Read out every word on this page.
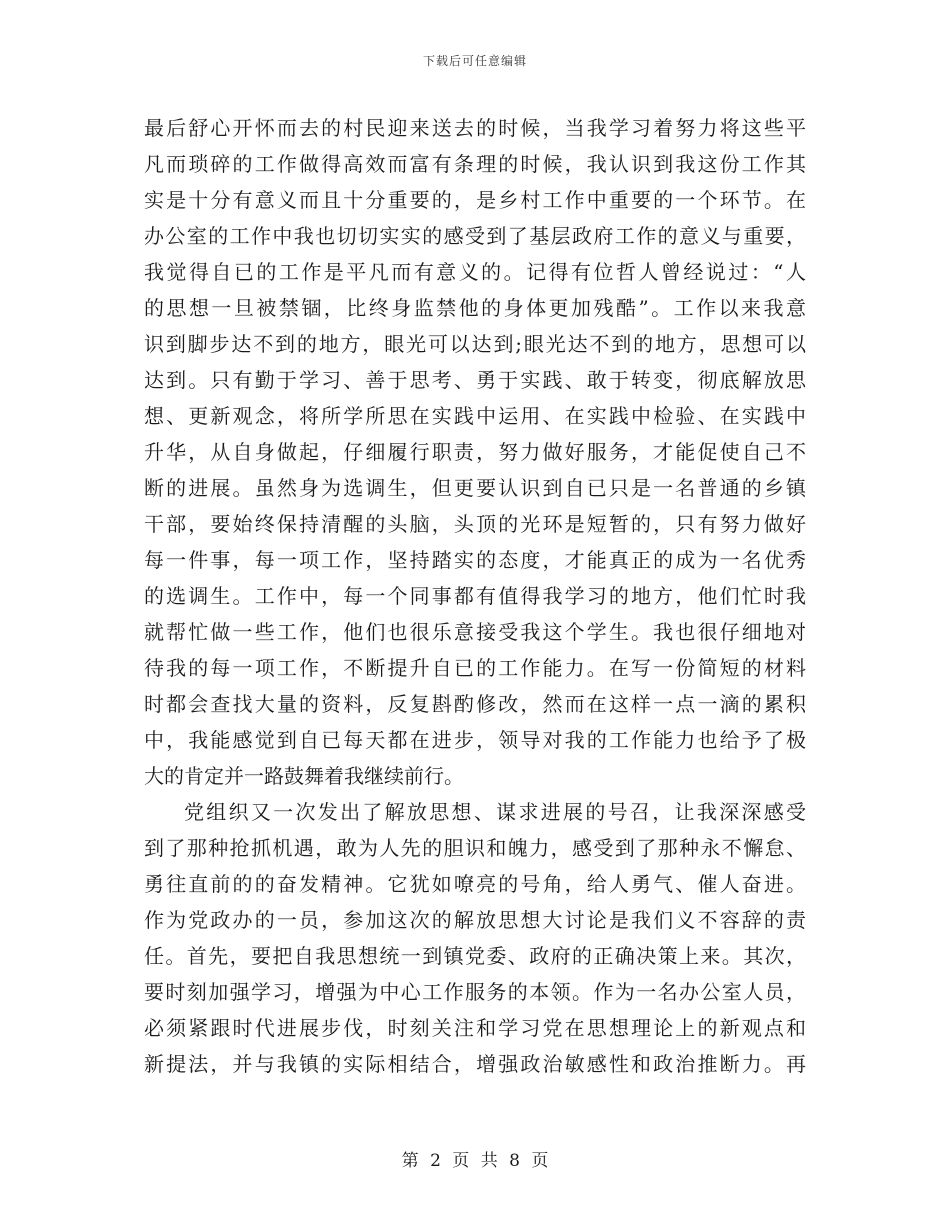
下载后可任意编辑
最后舒心开怀而去的村民迎来送去的时候，当我学习着努力将这些平
凡而琐碎的工作做得高效而富有条理的时候，我认识到我这份工作其
实是十分有意义而且十分重要的，是乡村工作中重要的一个环节。在
办公室的工作中我也切切实实的感受到了基层政府工作的意义与重要，
我觉得自已的工作是平凡而有意义的。记得有位哲人曾经说过：“人
的思想一旦被禁锢，比终身监禁他的身体更加残酷”。工作以来我意
识到脚步达不到的地方，眼光可以达到;眼光达不到的地方，思想可以
达到。只有勤于学习、善于思考、勇于实践、敢于转变，彻底解放思
想、更新观念，将所学所思在实践中运用、在实践中检验、在实践中
升华，从自身做起，仔细履行职责，努力做好服务，才能促使自己不
断的进展。虽然身为选调生，但更要认识到自已只是一名普通的乡镇
干部，要始终保持清醒的头脑，头顶的光环是短暂的，只有努力做好
每一件事，每一项工作，坚持踏实的态度，才能真正的成为一名优秀
的选调生。工作中，每一个同事都有值得我学习的地方，他们忙时我
就帮忙做一些工作，他们也很乐意接受我这个学生。我也很仔细地对
待我的每一项工作，不断提升自已的工作能力。在写一份简短的材料
时都会查找大量的资料，反复斟酌修改，然而在这样一点一滴的累积
中，我能感觉到自已每天都在进步，领导对我的工作能力也给予了极
大的肯定并一路鼓舞着我继续前行。
党组织又一次发出了解放思想、谋求进展的号召，让我深深感受
到了那种抢抓机遇，敢为人先的胆识和魄力，感受到了那种永不懈怠、
勇往直前的的奋发精神。它犹如嘹亮的号角，给人勇气、催人奋进。
作为党政办的一员，参加这次的解放思想大讨论是我们义不容辞的责
任。首先，要把自我思想统一到镇党委、政府的正确决策上来。其次，
要时刻加强学习，增强为中心工作服务的本领。作为一名办公室人员，
必须紧跟时代进展步伐，时刻关注和学习党在思想理论上的新观点和
新提法，并与我镇的实际相结合，增强政治敏感性和政治推断力。再
第 2 页 共 8 页
